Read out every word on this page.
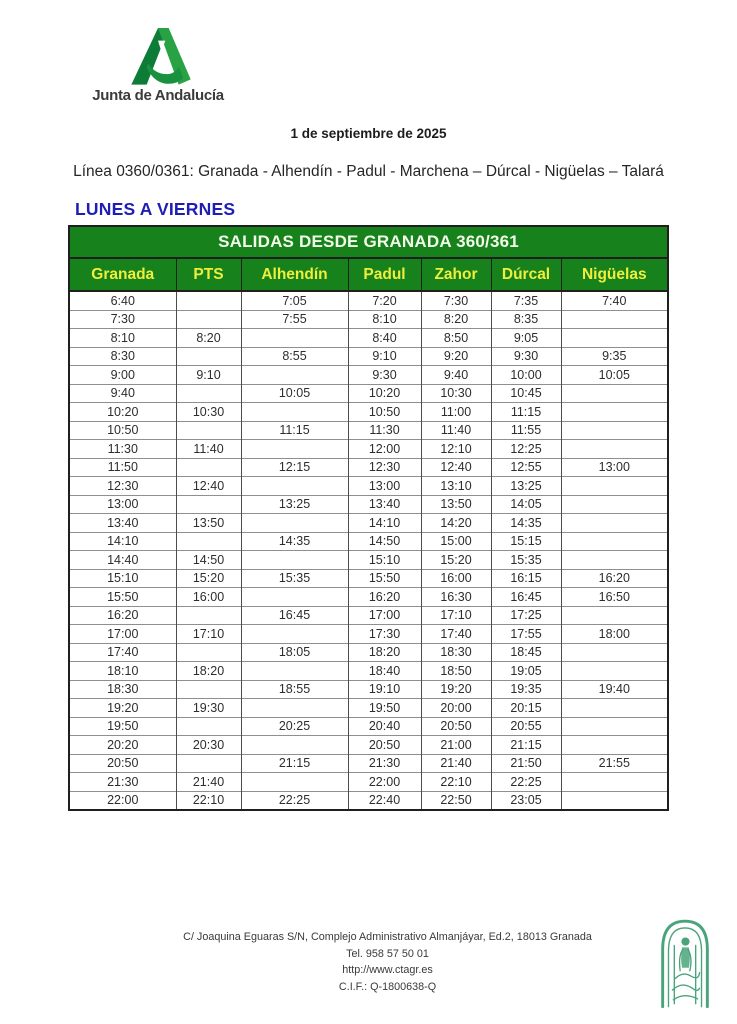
Junta de Andalucía
1 de septiembre de 2025
Línea 0360/0361: Granada - Alhendín - Padul - Marchena – Dúrcal - Nigüelas – Talará
LUNES A VIERNES
SALIDAS DESDE GRANADA 360/361						
Granada	PTS	Alhendín	Padul	Zahor	Dúrcal	Nigüelas
6:40		7:05	7:20	7:30	7:35	7:40
7:30		7:55	8:10	8:20	8:35	
8:10	8:20		8:40	8:50	9:05	
8:30		8:55	9:10	9:20	9:30	9:35
9:00	9:10		9:30	9:40	10:00	10:05
9:40		10:05	10:20	10:30	10:45	
10:20	10:30		10:50	11:00	11:15	
10:50		11:15	11:30	11:40	11:55	
11:30	11:40		12:00	12:10	12:25	
11:50		12:15	12:30	12:40	12:55	13:00
12:30	12:40		13:00	13:10	13:25	
13:00		13:25	13:40	13:50	14:05	
13:40	13:50		14:10	14:20	14:35	
14:10		14:35	14:50	15:00	15:15	
14:40	14:50		15:10	15:20	15:35	
15:10	15:20	15:35	15:50	16:00	16:15	16:20
15:50	16:00		16:20	16:30	16:45	16:50
16:20		16:45	17:00	17:10	17:25	
17:00	17:10		17:30	17:40	17:55	18:00
17:40		18:05	18:20	18:30	18:45	
18:10	18:20		18:40	18:50	19:05	
18:30		18:55	19:10	19:20	19:35	19:40
19:20	19:30		19:50	20:00	20:15	
19:50		20:25	20:40	20:50	20:55	
20:20	20:30		20:50	21:00	21:15	
20:50		21:15	21:30	21:40	21:50	21:55
21:30	21:40		22:00	22:10	22:25	
22:00	22:10	22:25	22:40	22:50	23:05	
C/ Joaquina Eguaras S/N, Complejo Administrativo Almanjáyar, Ed.2, 18013 Granada
Tel. 958 57 50 01
http://www.ctagr.es
C.I.F.: Q-1800638-Q
